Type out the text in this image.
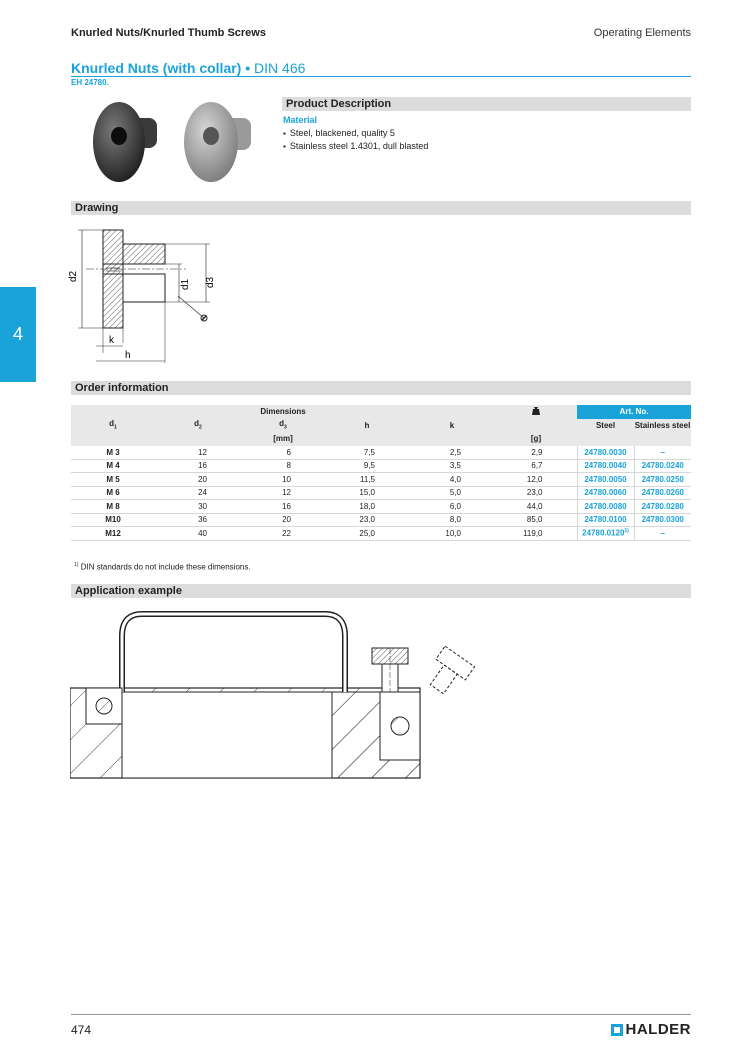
Knurled Nuts/Knurled Thumb Screws	Operating Elements
Knurled Nuts (with collar) • DIN 466
EH 24780.
Product Description
Material
▪ Steel, blackened, quality 5
▪ Stainless steel 1.4301, dull blasted
Drawing
d2
d1 d3
k
h
4
Order information
Dimensions						Art. No.	
$d_1$	$d_2$	$d_3$	h	k		Steel	Stainless steel
[mm]					[g]		
M 3	12	6	7,5	2,5	2,9	24780.0030	–
M 4	16	8	9,5	3,5	6,7	24780.0040	24780.0240
M 5	20	10	11,5	4,0	12,0	24780.0050	24780.0250
M 6	24	12	15,0	5,0	23,0	24780.0060	24780.0260
M 8	30	16	18,0	6,0	44,0	24780.0080	24780.0280
M10	36	20	23,0	8,0	85,0	24780.0100	24780.0300
M12	40	22	25,0	10,0	119,0	24780.0120$^{1)}$	–
$^{1)}$ DIN standards do not include these dimensions.
Application example
474	HALDER
